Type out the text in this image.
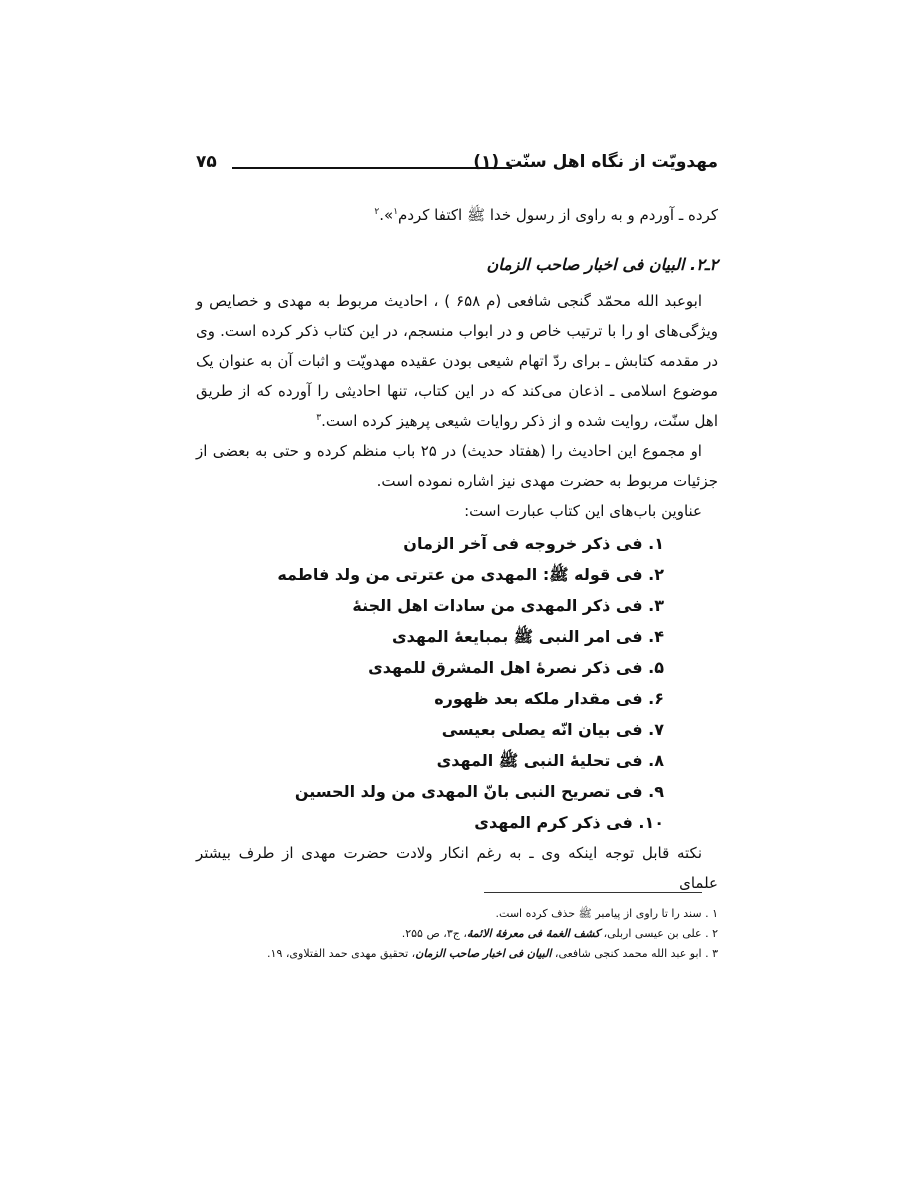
مهدویّت از نگاه اهل سنّت (۱)
۷۵

کرده ـ آوردم و به راوی از رسول خدا ﷺ اکتفا کردم$^۱$».$^۲$

۲ـ۲. البیان فی اخبار صاحب الزمان

ابوعبد الله محمّد گنجی شافعی (م ۶۵۸ ) ، احادیث مربوط به مهدی و خصایص و ویژگی‌های او را با ترتیب خاص و در ابواب منسجم، در این کتاب ذکر کرده است. وی در مقدمه کتابش ـ برای ردّ اتهام شیعی بودن عقیده مهدویّت و اثبات آن به عنوان یک موضوع اسلامی ـ اذعان می‌کند که در این کتاب، تنها احادیثی را آورده که از طریق اهل سنّت، روایت شده و از ذکر روایات شیعی پرهیز کرده است.$^۳$

او مجموع این احادیث را (هفتاد حدیث) در ۲۵ باب منظم کرده و حتی به بعضی از جزئیات مربوط به حضرت مهدی نیز اشاره نموده است.

عناوین باب‌های این کتاب عبارت است:

۱. فی ذکر خروجه فی آخر الزمان
۲. فی قوله ﷺ: المهدی من عترتی من ولد فاطمه
۳. فی ذکر المهدی من سادات اهل الجنهٔ
۴. فی امر النبی ﷺ بمبایعهٔ المهدی
۵. فی ذکر نصرهٔ اهل المشرق للمهدی
۶. فی مقدار ملکه بعد ظهوره
۷. فی بیان انّه یصلی بعیسی
۸. فی تحلیهٔ النبی ﷺ المهدی
۹. فی تصریح النبی بانّ المهدی من ولد الحسین
۱۰. فی ذکر کرم المهدی

نکته قابل توجه اینکه وی ـ به رغم انکار ولادت حضرت مهدی از طرف بیشتر علمای

۱ . سند را تا راوی از پیامبر ﷺ حذف کرده است.
۲ . علی بن عیسی اربلی، کشف الغمهٔ فی معرفهٔ الائمهٔ، ج۳، ص ۲۵۵.
۳ . ابو عبد الله محمد کنجی شافعی، البیان فی اخبار صاحب الزمان، تحقیق مهدی حمد الفتلاوی، ۱۹.
